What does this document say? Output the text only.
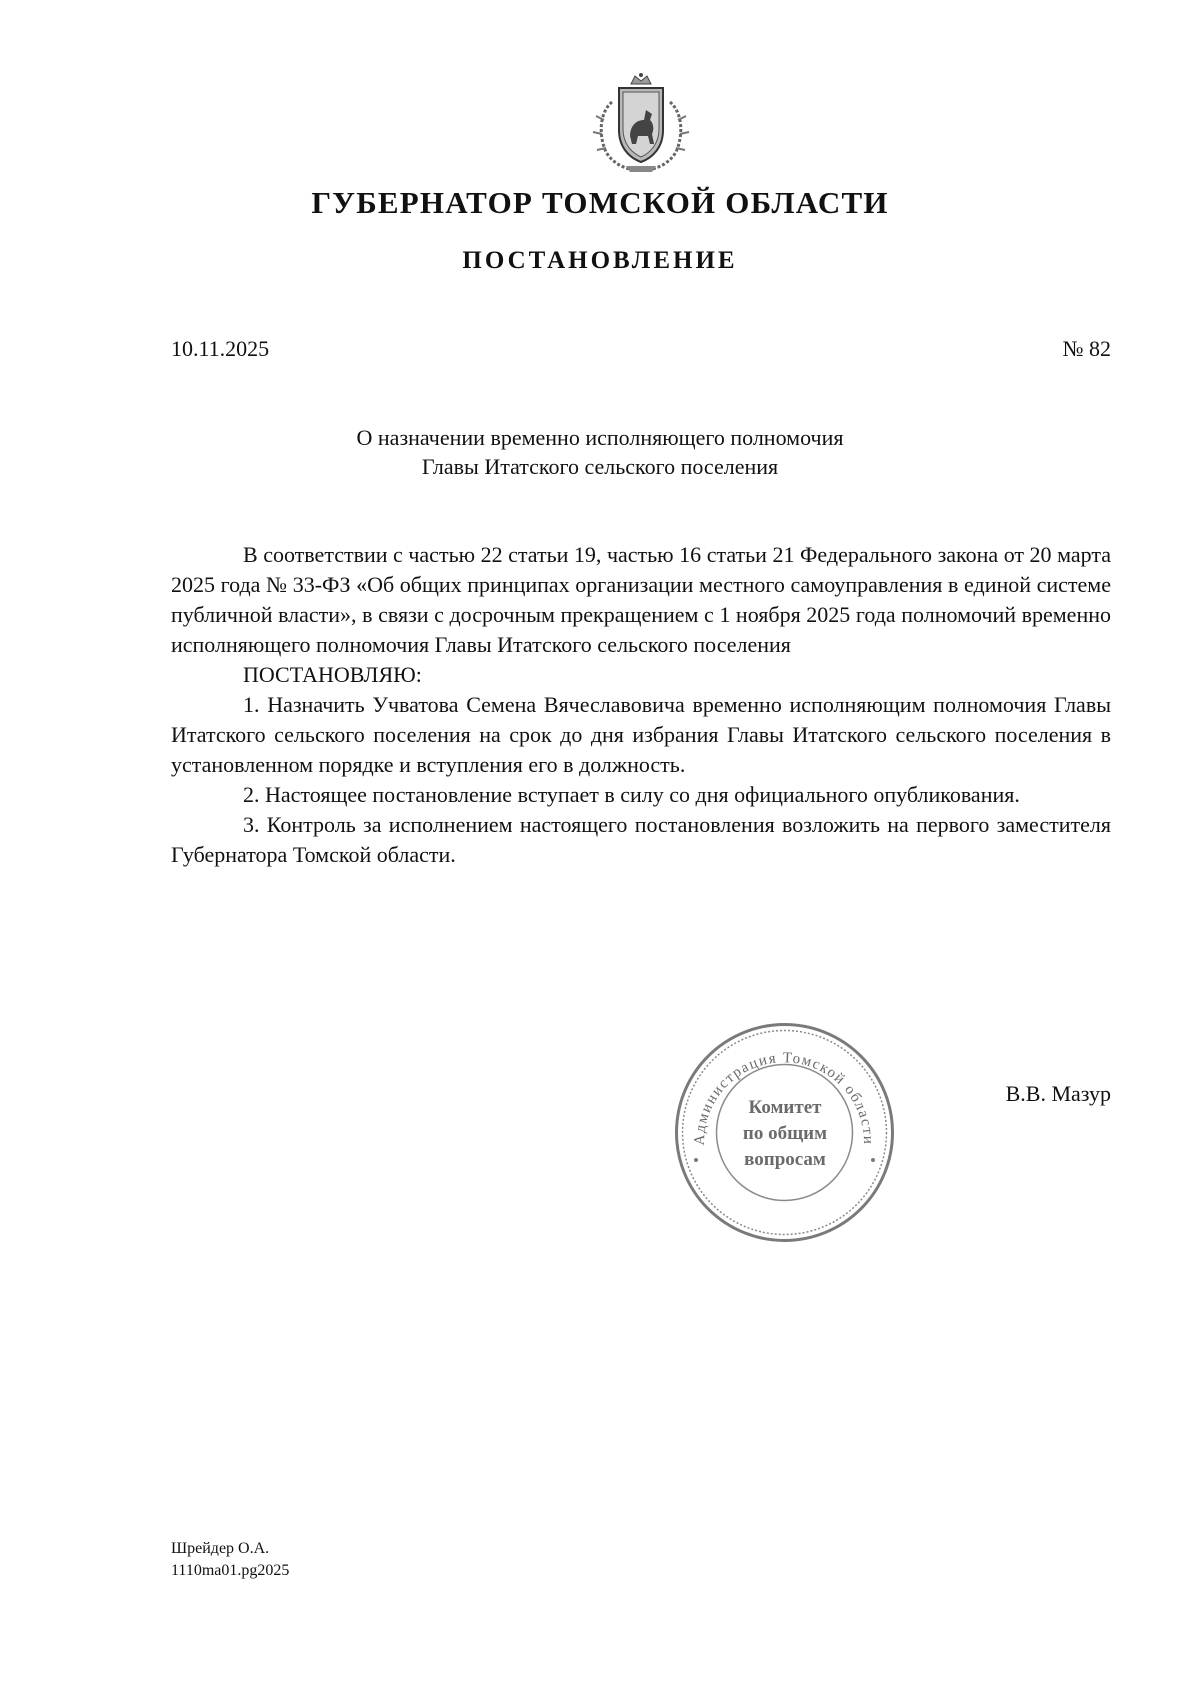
ГУБЕРНАТОР ТОМСКОЙ ОБЛАСТИ
ПОСТАНОВЛЕНИЕ
10.11.2025	№ 82
О назначении временно исполняющего полномочия
Главы Итатского сельского поселения

В соответствии с частью 22 статьи 19, частью 16 статьи 21 Федерального закона от 20 марта 2025 года № 33-ФЗ «Об общих принципах организации местного самоуправления в единой системе публичной власти», в связи с досрочным прекращением с 1 ноября 2025 года полномочий временно исполняющего полномочия Главы Итатского сельского поселения

ПОСТАНОВЛЯЮ:

1. Назначить Учватова Семена Вячеславовича временно исполняющим полномочия Главы Итатского сельского поселения на срок до дня избрания Главы Итатского сельского поселения в установленном порядке и вступления его в должность.

2. Настоящее постановление вступает в силу со дня официального опубликования.

3. Контроль за исполнением настоящего постановления возложить на первого заместителя Губернатора Томской области.

Администрация Томской области
Комитет
по общим
вопросам
В.В. Мазур
Шрейдер О.А.
1110ma01.pg2025
